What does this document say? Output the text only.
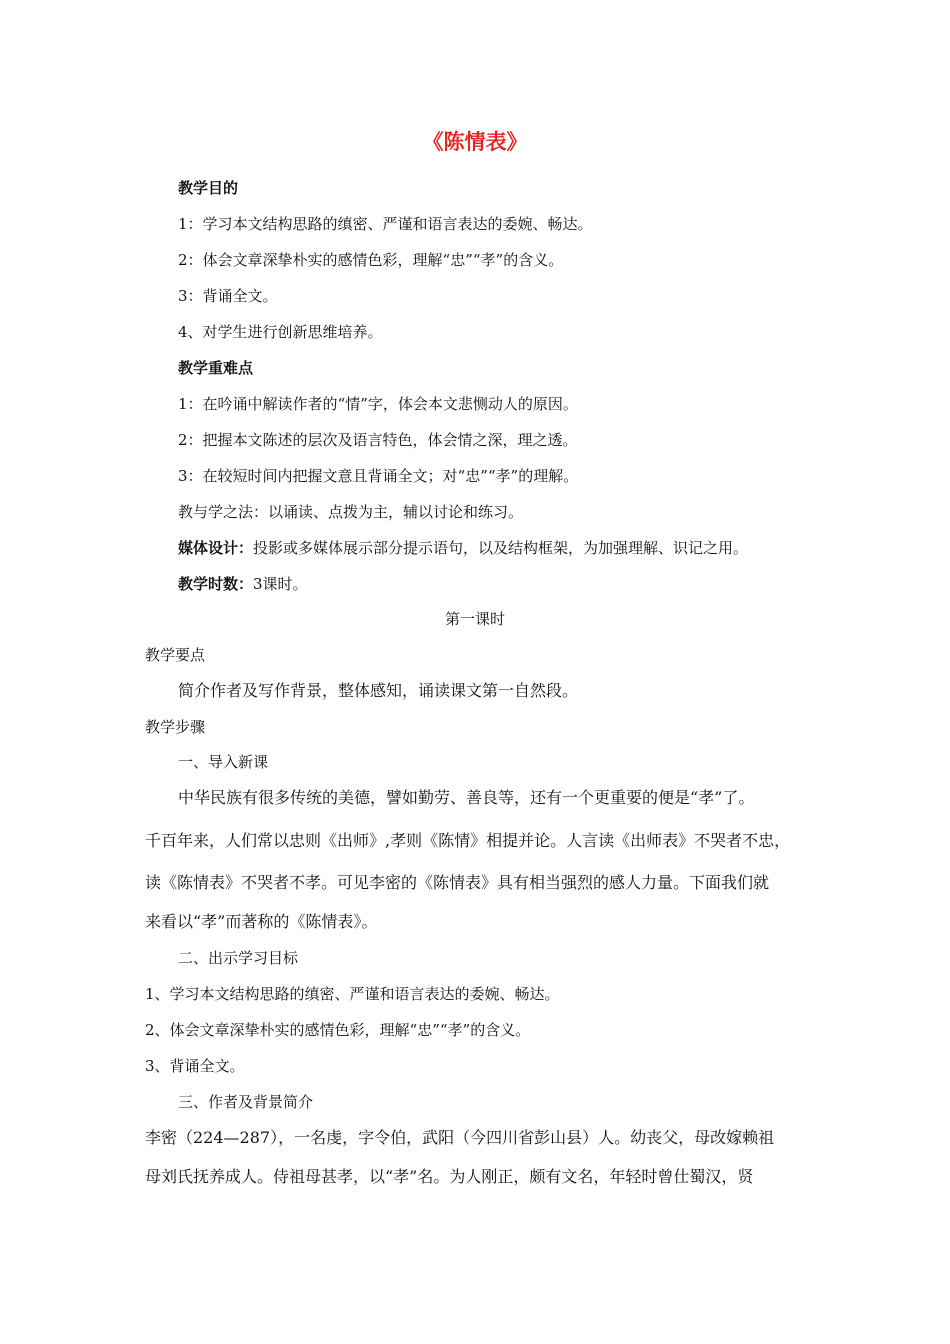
《陈情表》
教学目的
1：学习本文结构思路的缜密、严谨和语言表达的委婉、畅达。
2：体会文章深挚朴实的感情色彩，理解“忠”“孝”的含义。
3：背诵全文。
4、对学生进行创新思维培养。
教学重难点
1：在吟诵中解读作者的“情”字，体会本文悲恻动人的原因。
2：把握本文陈述的层次及语言特色，体会情之深，理之透。
3：在较短时间内把握文意且背诵全文；对“忠”“孝”的理解。
教与学之法：以诵读、点拨为主，辅以讨论和练习。
媒体设计：投影或多媒体展示部分提示语句，以及结构框架，为加强理解、识记之用。
教学时数：3课时。
第一课时
教学要点
简介作者及写作背景，整体感知，诵读课文第一自然段。
教学步骤
一、导入新课
中华民族有很多传统的美德，譬如勤劳、善良等，还有一个更重要的便是“孝”了。
千百年来，人们常以忠则《出师》,孝则《陈情》相提并论。人言读《出师表》不哭者不忠，
读《陈情表》不哭者不孝。可见李密的《陈情表》具有相当强烈的感人力量。下面我们就
来看以“孝”而著称的《陈情表》。
二、出示学习目标
1、学习本文结构思路的缜密、严谨和语言表达的委婉、畅达。
2、体会文章深挚朴实的感情色彩，理解“忠”“孝”的含义。
3、背诵全文。
三、作者及背景简介
李密（224—287），一名虔，字令伯，武阳（今四川省彭山县）人。幼丧父，母改嫁赖祖
母刘氏抚养成人。侍祖母甚孝，以“孝”名。为人刚正，颇有文名，年轻时曾仕蜀汉，贤
